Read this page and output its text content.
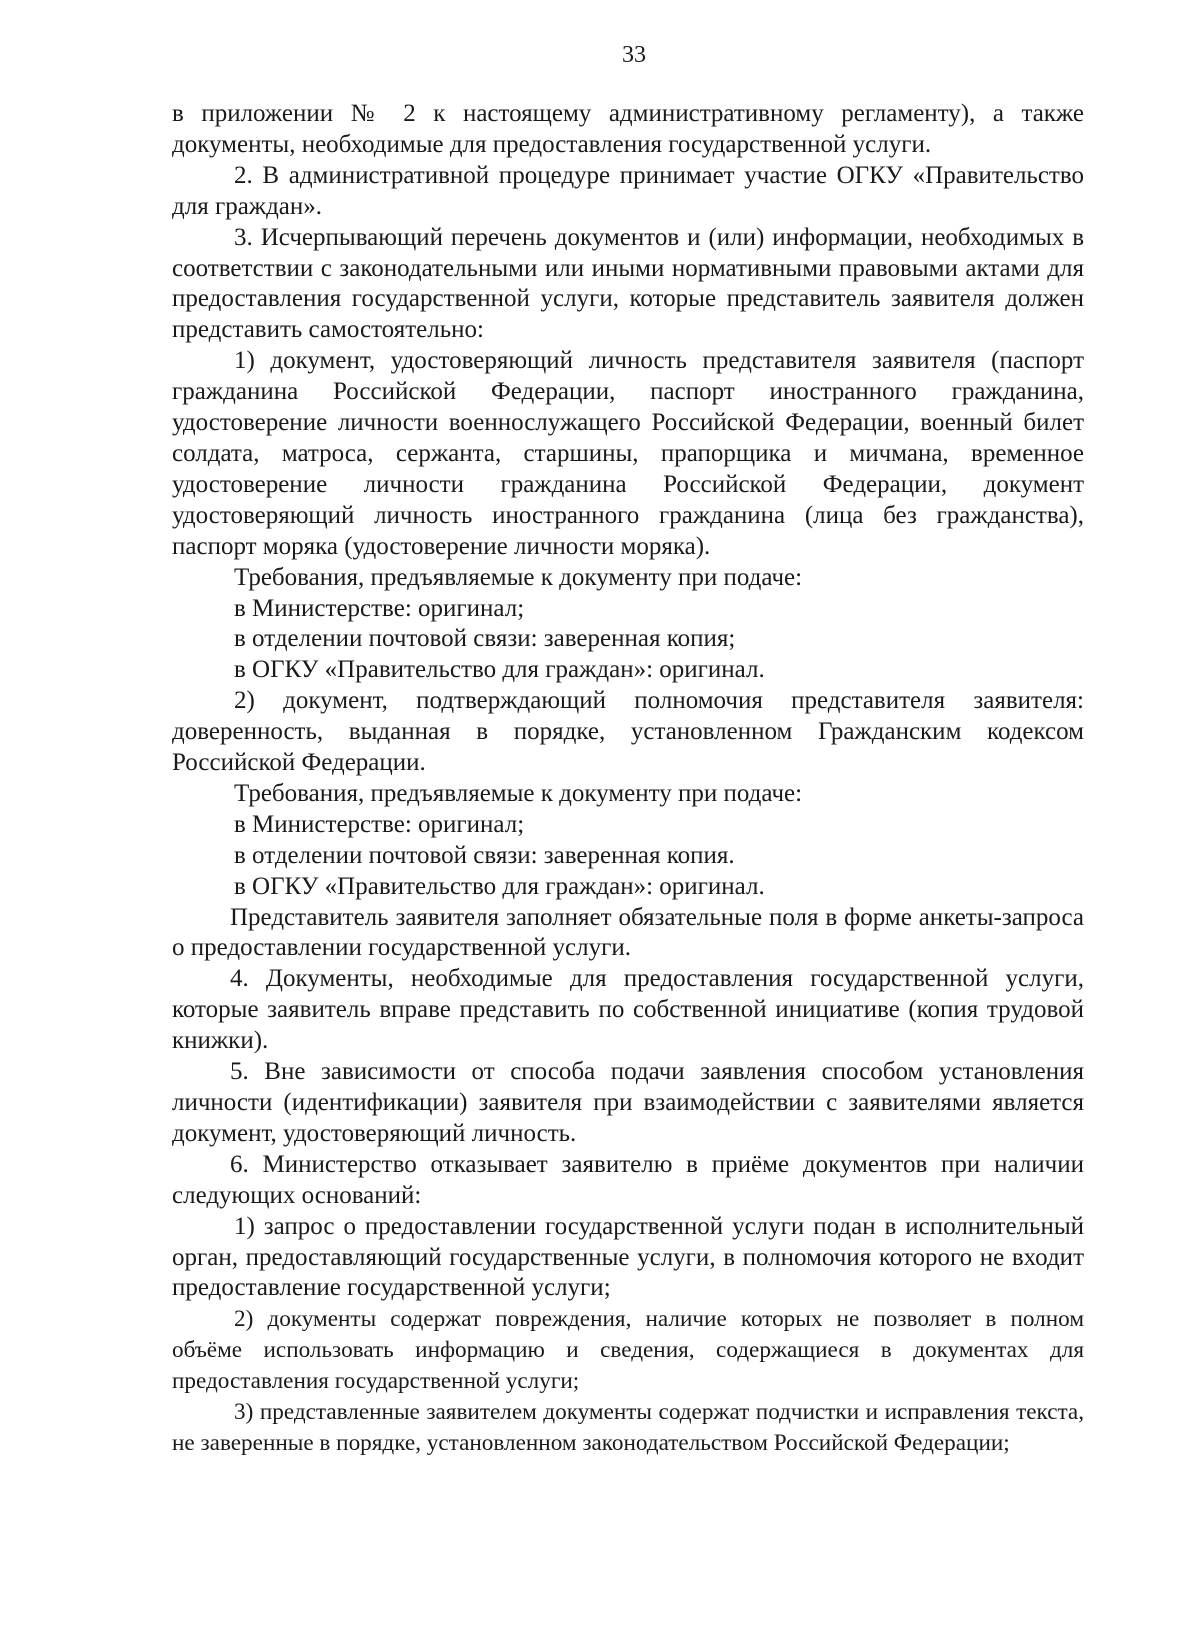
33

в приложении № 2 к настоящему административному регламенту), а также документы, необходимые для предоставления государственной услуги.

2. В административной процедуре принимает участие ОГКУ «Правительство для граждан».

3. Исчерпывающий перечень документов и (или) информации, необходимых в соответствии с законодательными или иными нормативными правовыми актами для предоставления государственной услуги, которые представитель заявителя должен представить самостоятельно:

1) документ, удостоверяющий личность представителя заявителя (паспорт гражданина Российской Федерации, паспорт иностранного гражданина, удостоверение личности военнослужащего Российской Федерации, военный билет солдата, матроса, сержанта, старшины, прапорщика и мичмана, временное удостоверение личности гражданина Российской Федерации, документ удостоверяющий личность иностранного гражданина (лица без гражданства), паспорт моряка (удостоверение личности моряка).

Требования, предъявляемые к документу при подаче:

в Министерстве: оригинал;

в отделении почтовой связи: заверенная копия;

в ОГКУ «Правительство для граждан»: оригинал.

2) документ, подтверждающий полномочия представителя заявителя: доверенность, выданная в порядке, установленном Гражданским кодексом Российской Федерации.

Требования, предъявляемые к документу при подаче:

в Министерстве: оригинал;

в отделении почтовой связи: заверенная копия.

в ОГКУ «Правительство для граждан»: оригинал.

Представитель заявителя заполняет обязательные поля в форме анкеты-запроса о предоставлении государственной услуги.

4. Документы, необходимые для предоставления государственной услуги, которые заявитель вправе представить по собственной инициативе (копия трудовой книжки).

5. Вне зависимости от способа подачи заявления способом установления личности (идентификации) заявителя при взаимодействии с заявителями является документ, удостоверяющий личность.

6. Министерство отказывает заявителю в приёме документов при наличии следующих оснований:

1) запрос о предоставлении государственной услуги подан в исполнительный орган, предоставляющий государственные услуги, в полномочия которого не входит предоставление государственной услуги;

2) документы содержат повреждения, наличие которых не позволяет в полном объёме использовать информацию и сведения, содержащиеся в документах для предоставления государственной услуги;

3) представленные заявителем документы содержат подчистки и исправления текста, не заверенные в порядке, установленном законодательством Российской Федерации;
